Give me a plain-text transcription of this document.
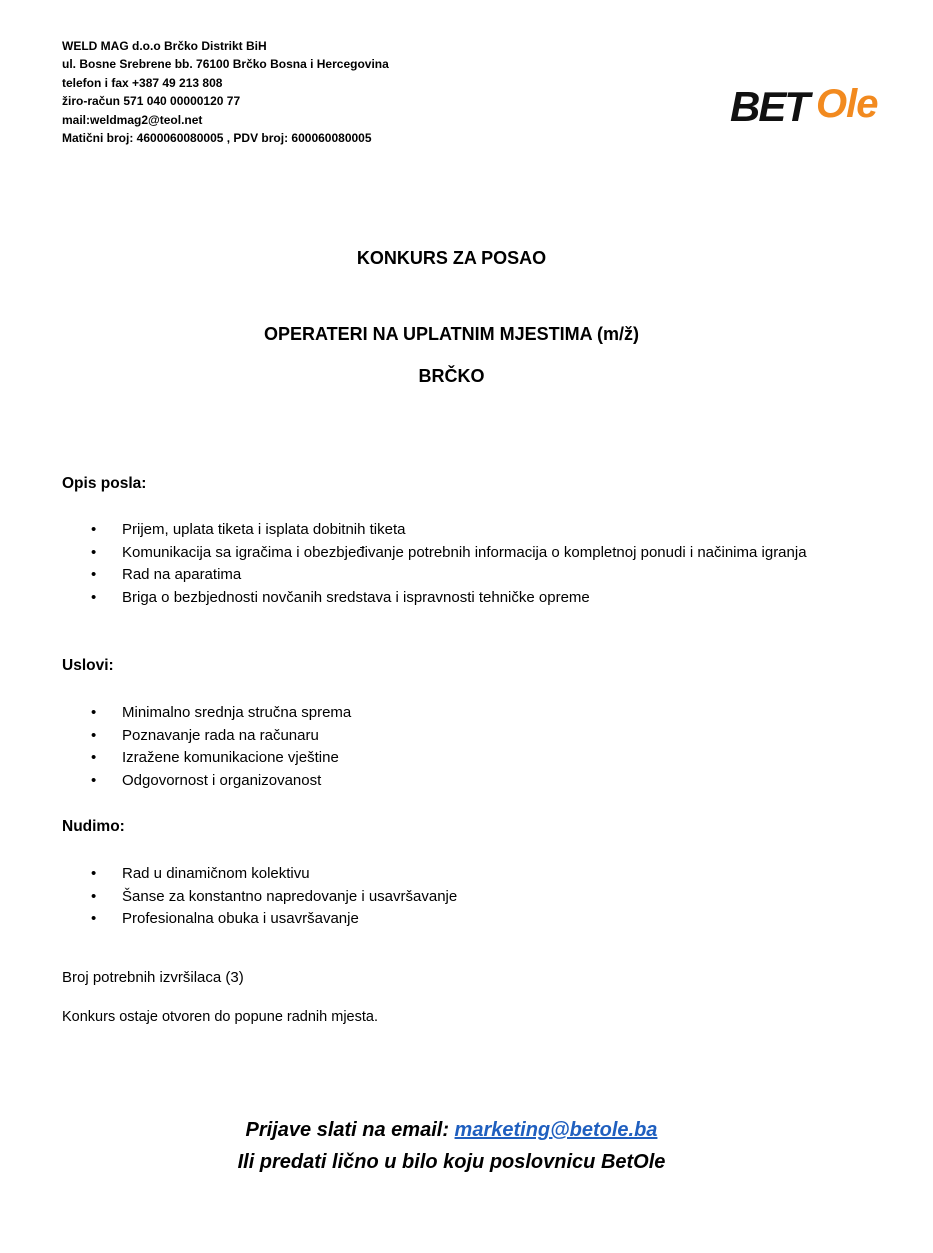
WELD MAG d.o.o Brčko Distrikt BiH
ul. Bosne Srebrene bb. 76100 Brčko Bosna i Hercegovina
telefon i fax +387 49 213 808
žiro-račun 571 040 00000120 77
mail:weldmag2@teol.net
Matični broj: 4600060080005 , PDV broj: 600060080005
BET Ole
KONKURS ZA POSAO
OPERATERI NA UPLATNIM MJESTIMA (m/ž)
BRČKO
Opis posla:
• Prijem, uplata tiketa i isplata dobitnih tiketa
• Komunikacija sa igračima i obezbjeđivanje potrebnih informacija o kompletnoj ponudi i načinima igranja
• Rad na aparatima
• Briga o bezbjednosti novčanih sredstava i ispravnosti tehničke opreme
Uslovi:
• Minimalno srednja stručna sprema
• Poznavanje rada na računaru
• Izražene komunikacione vještine
• Odgovornost i organizovanost
Nudimo:
• Rad u dinamičnom kolektivu
• Šanse za konstantno napredovanje i usavršavanje
• Profesionalna obuka i usavršavanje
Broj potrebnih izvršilaca (3)
Konkurs ostaje otvoren do popune radnih mjesta.
Prijave slati na email: marketing@betole.ba
Ili predati lično u bilo koju poslovnicu BetOle
